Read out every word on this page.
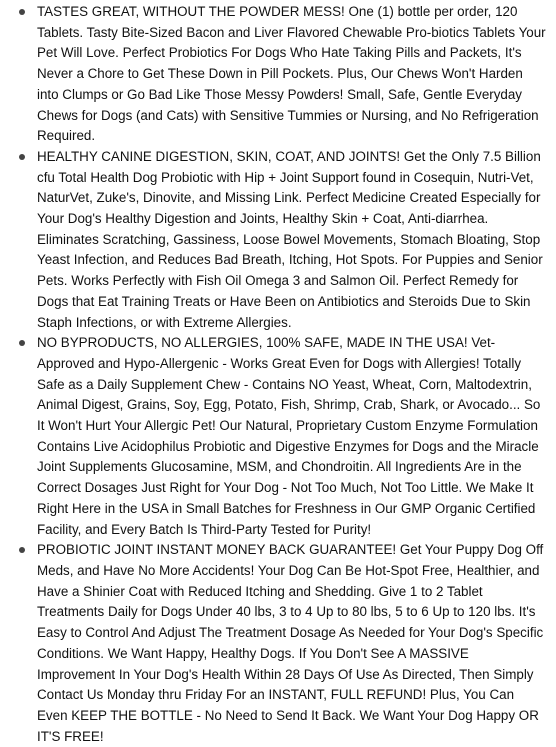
TASTES GREAT, WITHOUT THE POWDER MESS! One (1) bottle per order, 120 Tablets. Tasty Bite-Sized Bacon and Liver Flavored Chewable Pro-biotics Tablets Your Pet Will Love. Perfect Probiotics For Dogs Who Hate Taking Pills and Packets, It's Never a Chore to Get These Down in Pill Pockets. Plus, Our Chews Won't Harden into Clumps or Go Bad Like Those Messy Powders! Small, Safe, Gentle Everyday Chews for Dogs (and Cats) with Sensitive Tummies or Nursing, and No Refrigeration Required.
HEALTHY CANINE DIGESTION, SKIN, COAT, AND JOINTS! Get the Only 7.5 Billion cfu Total Health Dog Probiotic with Hip + Joint Support found in Cosequin, Nutri-Vet, NaturVet, Zuke's, Dinovite, and Missing Link. Perfect Medicine Created Especially for Your Dog's Healthy Digestion and Joints, Healthy Skin + Coat, Anti-diarrhea. Eliminates Scratching, Gassiness, Loose Bowel Movements, Stomach Bloating, Stop Yeast Infection, and Reduces Bad Breath, Itching, Hot Spots. For Puppies and Senior Pets. Works Perfectly with Fish Oil Omega 3 and Salmon Oil. Perfect Remedy for Dogs that Eat Training Treats or Have Been on Antibiotics and Steroids Due to Skin Staph Infections, or with Extreme Allergies.
NO BYPRODUCTS, NO ALLERGIES, 100% SAFE, MADE IN THE USA! Vet-Approved and Hypo-Allergenic - Works Great Even for Dogs with Allergies! Totally Safe as a Daily Supplement Chew - Contains NO Yeast, Wheat, Corn, Maltodextrin, Animal Digest, Grains, Soy, Egg, Potato, Fish, Shrimp, Crab, Shark, or Avocado... So It Won't Hurt Your Allergic Pet! Our Natural, Proprietary Custom Enzyme Formulation Contains Live Acidophilus Probiotic and Digestive Enzymes for Dogs and the Miracle Joint Supplements Glucosamine, MSM, and Chondroitin. All Ingredients Are in the Correct Dosages Just Right for Your Dog - Not Too Much, Not Too Little. We Make It Right Here in the USA in Small Batches for Freshness in Our GMP Organic Certified Facility, and Every Batch Is Third-Party Tested for Purity!
PROBIOTIC JOINT INSTANT MONEY BACK GUARANTEE! Get Your Puppy Dog Off Meds, and Have No More Accidents! Your Dog Can Be Hot-Spot Free, Healthier, and Have a Shinier Coat with Reduced Itching and Shedding. Give 1 to 2 Tablet Treatments Daily for Dogs Under 40 lbs, 3 to 4 Up to 80 lbs, 5 to 6 Up to 120 lbs. It's Easy to Control And Adjust The Treatment Dosage As Needed for Your Dog's Specific Conditions. We Want Happy, Healthy Dogs. If You Don't See A MASSIVE Improvement In Your Dog's Health Within 28 Days Of Use As Directed, Then Simply Contact Us Monday thru Friday For an INSTANT, FULL REFUND! Plus, You Can Even KEEP THE BOTTLE - No Need to Send It Back. We Want Your Dog Happy OR IT'S FREE!
